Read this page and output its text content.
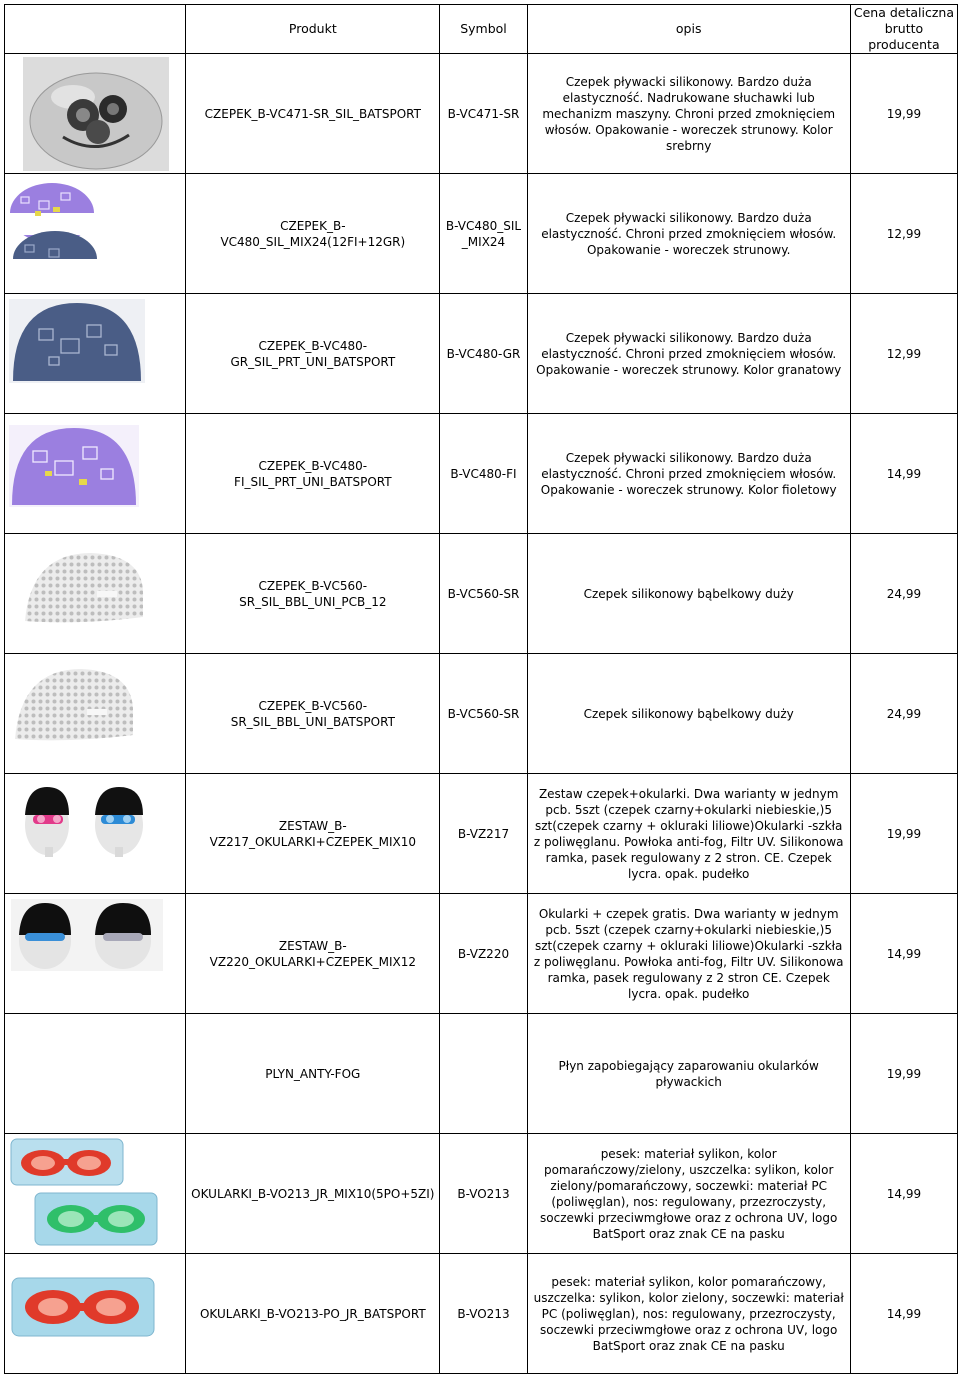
	Produkt	Symbol	opis	Cena detaliczna brutto producenta

	CZEPEK_B-VC471-SR_SIL_BATSPORT	B-VC471-SR	Czepek pływacki silikonowy. Bardzo duża elastyczność. Nadrukowane słuchawki lub mechanizm maszyny. Chroni przed zmoknięciem włosów. Opakowanie - woreczek strunowy. Kolor srebrny	19,99

	CZEPEK_B-VC480_SIL_MIX24(12FI+12GR)	B-VC480_SIL_MIX24	Czepek pływacki silikonowy. Bardzo duża elastyczność. Chroni przed zmoknięciem włosów. Opakowanie - woreczek strunowy.	12,99

	CZEPEK_B-VC480-GR_SIL_PRT_UNI_BATSPORT	B-VC480-GR	Czepek pływacki silikonowy. Bardzo duża elastyczność. Chroni przed zmoknięciem włosów. Opakowanie - woreczek strunowy. Kolor granatowy	12,99

	CZEPEK_B-VC480-FI_SIL_PRT_UNI_BATSPORT	B-VC480-FI	Czepek pływacki silikonowy. Bardzo duża elastyczność. Chroni przed zmoknięciem włosów. Opakowanie - woreczek strunowy. Kolor fioletowy	14,99

	CZEPEK_B-VC560-SR_SIL_BBL_UNI_PCB_12	B-VC560-SR	Czepek silikonowy bąbelkowy duży	24,99

	CZEPEK_B-VC560-SR_SIL_BBL_UNI_BATSPORT	B-VC560-SR	Czepek silikonowy bąbelkowy duży	24,99

	ZESTAW_B-VZ217_OKULARKI+CZEPEK_MIX10	B-VZ217	Zestaw czepek+okularki. Dwa warianty w jednym pcb. 5szt (czepek czarny+okularki niebieskie,)5 szt(czepek czarny + okluraki liliowe)Okularki -szkła z poliwęglanu. Powłoka anti-fog, Filtr UV. Silikonowa ramka, pasek regulowany z 2 stron. CE. Czepek lycra. opak. pudełko	19,99

	ZESTAW_B-VZ220_OKULARKI+CZEPEK_MIX12	B-VZ220	Okularki + czepek gratis. Dwa warianty w jednym pcb. 5szt (czepek czarny+okularki niebieskie,)5 szt(czepek czarny + okluraki liliowe)Okularki -szkła z poliwęglanu. Powłoka anti-fog, Filtr UV. Silikonowa ramka, pasek regulowany z 2 stron CE. Czepek lycra. opak. pudełko	14,99
	PLYN_ANTY-FOG		Płyn zapobiegający zaparowaniu okularków pływackich	19,99

	OKULARKI_B-VO213_JR_MIX10(5PO+5ZI)	B-VO213	pesek: materiał sylikon, kolor pomarańczowy/zielony, uszczelka: sylikon, kolor zielony/pomarańczowy, soczewki: materiał PC (poliwęglan), nos: regulowany, przezroczysty, soczewki przeciwmgłowe oraz z ochrona UV, logo BatSport oraz znak CE na pasku	14,99

	OKULARKI_B-VO213-PO_JR_BATSPORT	B-VO213	pesek: materiał sylikon, kolor pomarańczowy, uszczelka: sylikon, kolor zielony, soczewki: materiał PC (poliwęglan), nos: regulowany, przezroczysty, soczewki przeciwmgłowe oraz z ochrona UV, logo BatSport oraz znak CE na pasku	14,99
